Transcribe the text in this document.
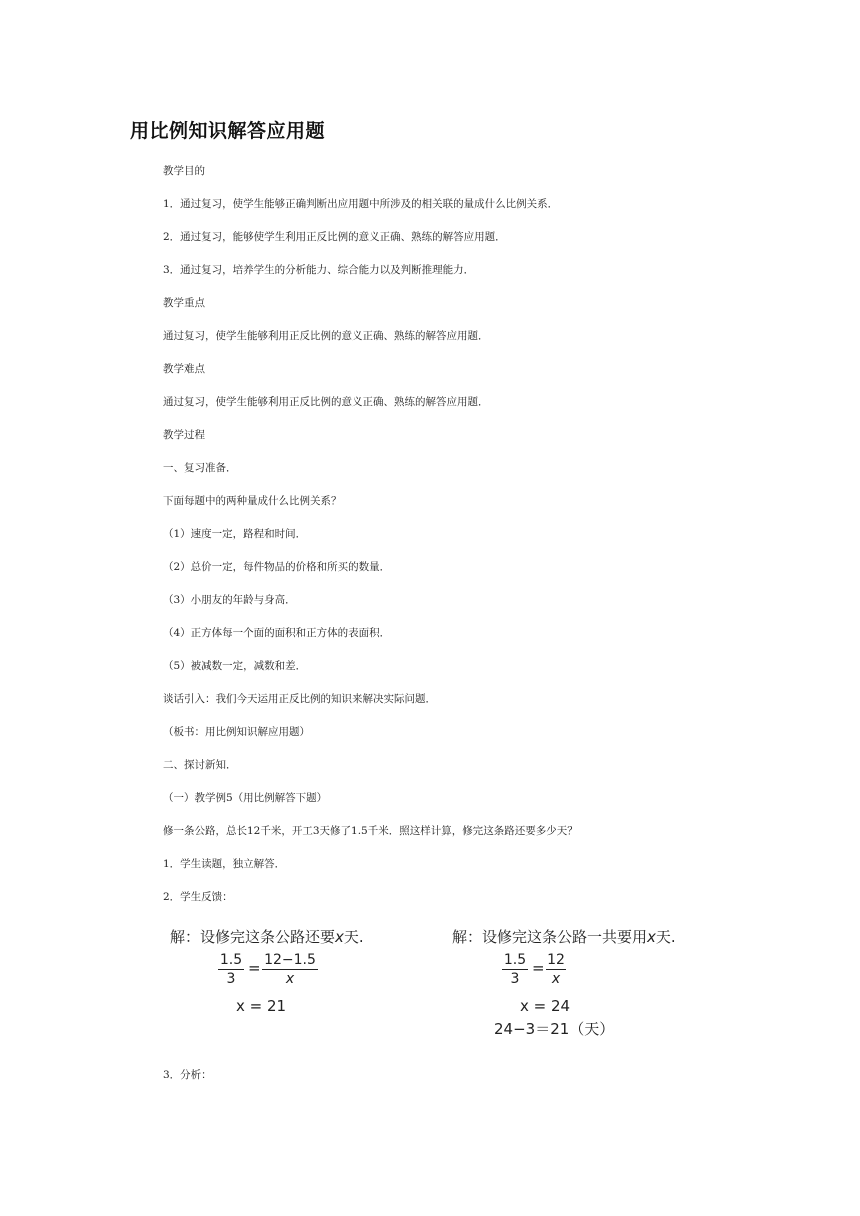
用比例知识解答应用题
教学目的
1．通过复习，使学生能够正确判断出应用题中所涉及的相关联的量成什么比例关系．
2．通过复习，能够使学生利用正反比例的意义正确、熟练的解答应用题．
3．通过复习，培养学生的分析能力、综合能力以及判断推理能力．
教学重点
通过复习，使学生能够利用正反比例的意义正确、熟练的解答应用题．
教学难点
通过复习，使学生能够利用正反比例的意义正确、熟练的解答应用题．
教学过程
一、复习准备．
下面每题中的两种量成什么比例关系？
（1）速度一定，路程和时间．
（2）总价一定，每件物品的价格和所买的数量．
（3）小朋友的年龄与身高．
（4）正方体每一个面的面积和正方体的表面积．
（5）被减数一定，减数和差．
谈话引入：我们今天运用正反比例的知识来解决实际问题．
（板书：用比例知识解应用题）
二、探讨新知．
（一）教学例5（用比例解答下题）
修一条公路，总长12千米，开工3天修了1.5千米．照这样计算，修完这条路还要多少天？
1．学生读题，独立解答．
2．学生反馈：
解：设修完这条公路还要x天.
$\frac{1.5}{3} = \frac{12-1.5}{x}$
x = 21
解：设修完这条公路一共要用x天.
$\frac{1.5}{3} = \frac{12}{x}$
x = 24
24−3＝21（天）
3．分析：
